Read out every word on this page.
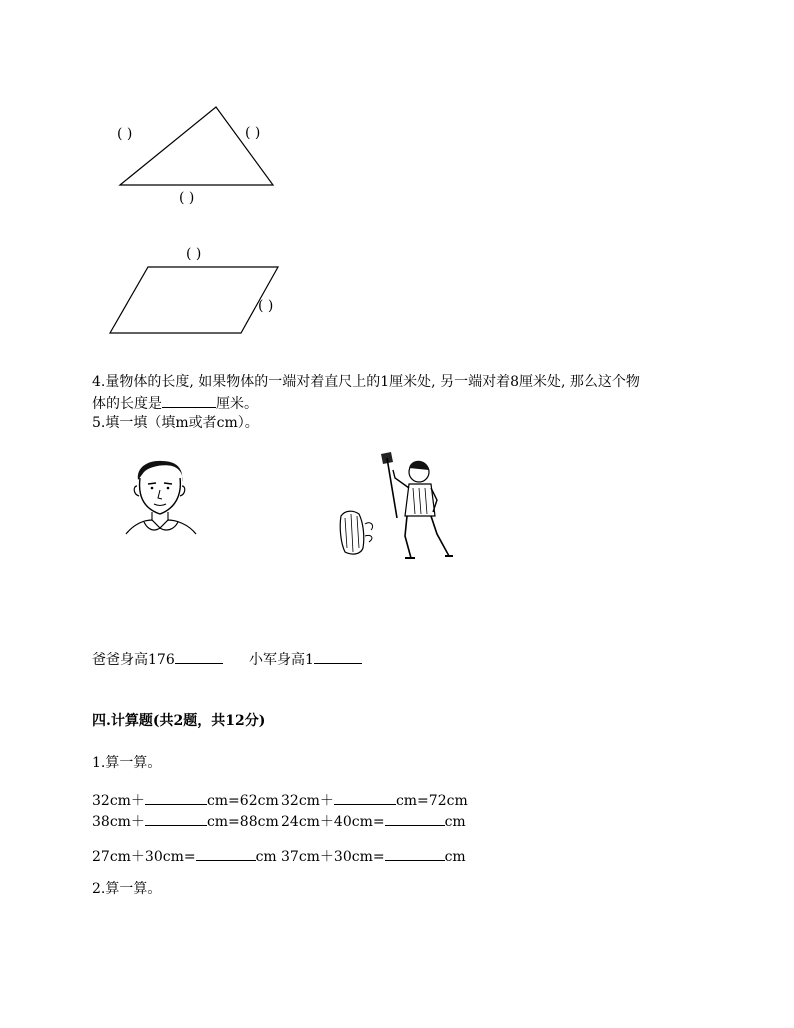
( )	( )
( )
( )
( )
4.量物体的长度, 如果物体的一端对着直尺上的1厘米处, 另一端对着8厘米处, 那么这个物
体的长度是	厘米。
5.填一填（填m或者cm）。
爸爸身高176	小军身高1
四.计算题(共2题，共12分)
1.算一算。
32cm＋	cm=62cm 32cm＋	cm=72cm
38cm＋	cm=88cm 24cm＋40cm=	cm
27cm＋30cm=	cm 37cm＋30cm=	cm
2.算一算。
